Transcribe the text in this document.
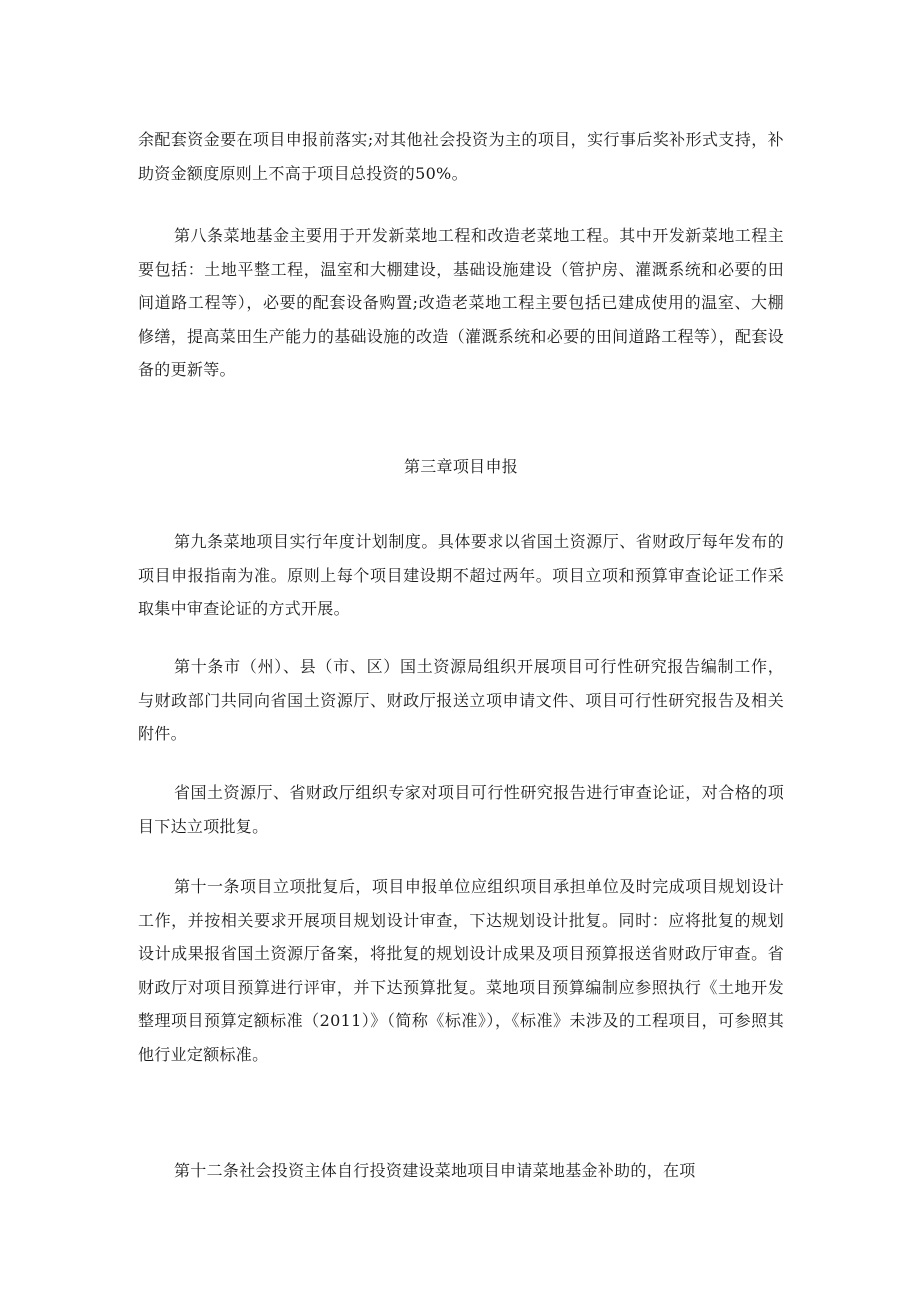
余配套资金要在项目申报前落实;对其他社会投资为主的项目，实行事后奖补形式支持，补助资金额度原则上不高于项目总投资的50%。

第八条菜地基金主要用于开发新菜地工程和改造老菜地工程。其中开发新菜地工程主要包括：土地平整工程，温室和大棚建设，基础设施建设（管护房、灌溉系统和必要的田间道路工程等），必要的配套设备购置;改造老菜地工程主要包括已建成使用的温室、大棚修缮，提高菜田生产能力的基础设施的改造（灌溉系统和必要的田间道路工程等），配套设备的更新等。

第三章项目申报

第九条菜地项目实行年度计划制度。具体要求以省国土资源厅、省财政厅每年发布的项目申报指南为准。原则上每个项目建设期不超过两年。项目立项和预算审查论证工作采取集中审查论证的方式开展。

第十条市（州）、县（市、区）国土资源局组织开展项目可行性研究报告编制工作，与财政部门共同向省国土资源厅、财政厅报送立项申请文件、项目可行性研究报告及相关附件。

省国土资源厅、省财政厅组织专家对项目可行性研究报告进行审查论证，对合格的项目下达立项批复。

第十一条项目立项批复后，项目申报单位应组织项目承担单位及时完成项目规划设计工作，并按相关要求开展项目规划设计审查，下达规划设计批复。同时：应将批复的规划设计成果报省国土资源厅备案，将批复的规划设计成果及项目预算报送省财政厅审查。省财政厅对项目预算进行评审，并下达预算批复。菜地项目预算编制应参照执行《土地开发整理项目预算定额标准（2011）》（简称《标准》），《标准》未涉及的工程项目，可参照其他行业定额标准。

第十二条社会投资主体自行投资建设菜地项目申请菜地基金补助的，在项
